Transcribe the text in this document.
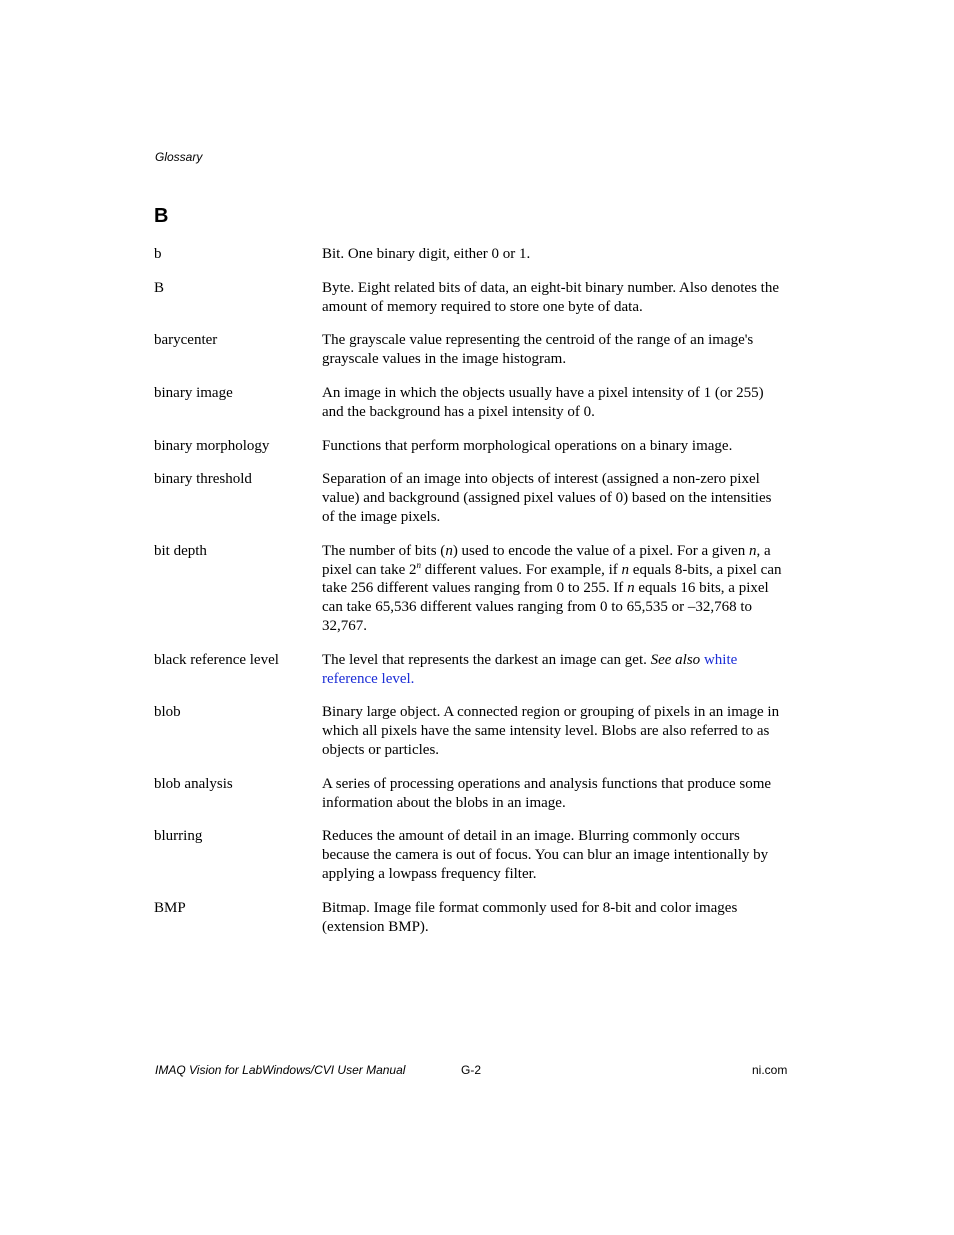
Glossary
B
b	Bit. One binary digit, either 0 or 1.
B	Byte. Eight related bits of data, an eight-bit binary number. Also denotes the amount of memory required to store one byte of data.
barycenter	The grayscale value representing the centroid of the range of an image's grayscale values in the image histogram.
binary image	An image in which the objects usually have a pixel intensity of 1 (or 255) and the background has a pixel intensity of 0.
binary morphology	Functions that perform morphological operations on a binary image.
binary threshold	Separation of an image into objects of interest (assigned a non-zero pixel value) and background (assigned pixel values of 0) based on the intensities of the image pixels.
bit depth	The number of bits (n) used to encode the value of a pixel. For a given n, a pixel can take 2$^n$ different values. For example, if n equals 8-bits, a pixel can take 256 different values ranging from 0 to 255. If n equals 16 bits, a pixel can take 65,536 different values ranging from 0 to 65,535 or –32,768 to 32,767.
black reference level	The level that represents the darkest an image can get. See also white reference level.
blob	Binary large object. A connected region or grouping of pixels in an image in which all pixels have the same intensity level. Blobs are also referred to as objects or particles.
blob analysis	A series of processing operations and analysis functions that produce some information about the blobs in an image.
blurring	Reduces the amount of detail in an image. Blurring commonly occurs because the camera is out of focus. You can blur an image intentionally by applying a lowpass frequency filter.
BMP	Bitmap. Image file format commonly used for 8-bit and color images (extension BMP).
IMAQ Vision for LabWindows/CVI User Manual	G-2	ni.com
